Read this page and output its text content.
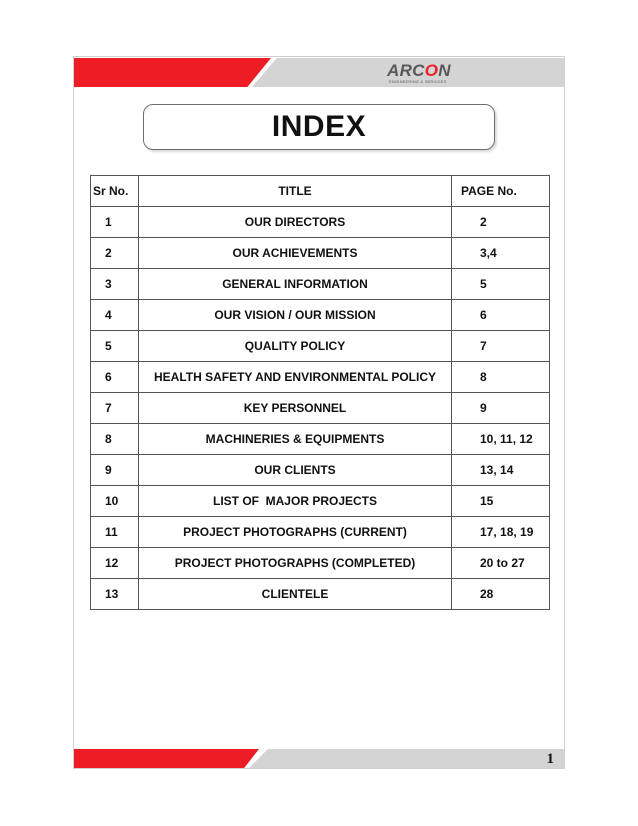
ARCON
ENGINEERING & SERVICES
INDEX
Sr No.	TITLE	PAGE No.
1	OUR DIRECTORS	2
2	OUR ACHIEVEMENTS	3,4
3	GENERAL INFORMATION	5
4	OUR VISION / OUR MISSION	6
5	QUALITY POLICY	7
6	HEALTH SAFETY AND ENVIRONMENTAL POLICY	8
7	KEY PERSONNEL	9
8	MACHINERIES & EQUIPMENTS	10, 11, 12
9	OUR CLIENTS	13, 14
10	LIST OF  MAJOR PROJECTS	15
11	PROJECT PHOTOGRAPHS (CURRENT)	17, 18, 19
12	PROJECT PHOTOGRAPHS (COMPLETED)	20 to 27
13	CLIENTELE	28
1
